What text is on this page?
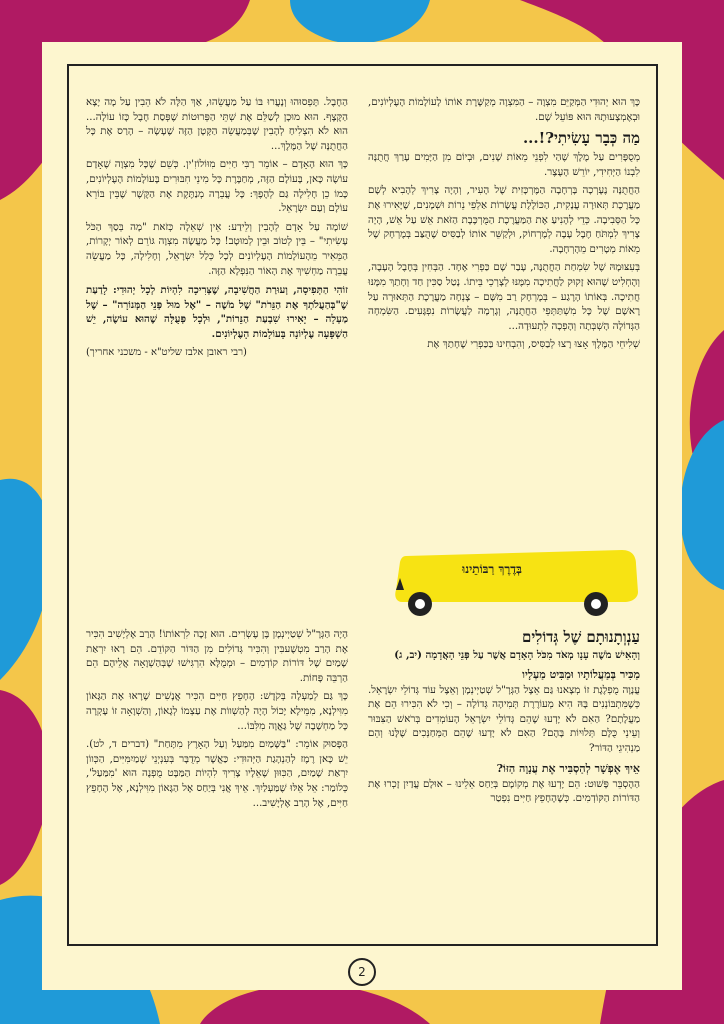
כָּךְ הוּא יְהוּדִי הַמְּקַיֵּם מִצְוָה – הַמִּצְוָה מְקַשֶּׁרֶת אוֹתוֹ לָעוֹלָמוֹת הָעֶלְיוֹנִים, וּבְאֶמְצָעוּתָהּ הוּא פּוֹעֵל שָׁם.

מַה כְּבָר עָשִׂיתִי?!...

מְסֻפָּרִים עַל מֶלֶךְ שֶׁהַי לִפְנֵי מֵאוֹת שָׁנִים, וּבְיוֹם מִן הַיָּמִים עָרַךְ חֲתֻנָּה לִבְנוֹ הַיְּחִידִי, יוֹרֵשׁ הָעֶצֶר.

הַחֲתֻנָּה נֶעֶרְכָה בָּרְחָבָה הַמֶּרְכָּזִית שֶׁל הָעִיר, וְהָיָה צָרִיךְ לְהָבִיא לְשָׁם מַעֲרֶכֶת תְּאוּרָה עֲנָקִית, הַכּוֹלֶלֶת עֲשָׂרוֹת אַלְפֵי נֵרוֹת וּשְׁמָנִים, שֶׁיָּאִירוּ אֶת כָּל הַסְּבִיבָה. כְּדֵי לְהָנִיעַ אֶת הַמַּעֲרֶכֶת הַמֻּרְכֶּבֶת הַזֹּאת אֵשׁ עַל אֵשׁ, הָיָה צָרִיךְ לִמְתֹּחַ חֶבֶל עָבֶה לְמֶרְחוֹק, וּלְקַשֵּׁר אוֹתוֹ לְבַסִּיס שֶׁהֻצַּב בְּמֶרְחָק שֶׁל מֵאוֹת מְטָרִים מֵהָרְחָבָה.

בְּעִצּוּמָהּ שֶׁל שִׂמְחַת הַחֲתֻנָּה, עָבַר שָׁם כַּפְרִי אֶחָד. הַבְּחִין בְּחֶבֶל הָעָבֶה, וְהֶחְלִיט שֶׁהוּא זָקוּק לַחֲתִיכָה מִמֶּנּוּ לְצָרְכֵי בֵּיתוֹ. נָטַל סַכִּין חַד וְחָתַךְ מִמֶּנּוּ חֲתִיכָה. בְּאוֹתוֹ הָרֶגַע – בְּמֶרְחָק רַב מִשָּׁם – צָנְחָה מַעֲרֶכֶת הַתְּאוּרָה עַל רָאשָׁם שֶׁל כָּל מִשְׁתַּתְּפֵי הַחֲתֻנָּה, וְגָרְמָה לַעֲשָׂרוֹת נִפְגָּעִים. הַשִּׂמְחָה הַגְּדוֹלָה הָשְׁבְּתָה וְהָפְכָה לִתְעוּדָה...

שְׁלִיחֵי הַמֶּלֶךְ אָצוּ רָצוּ לְבַסִּיס, וְהִבְחִינוּ בַּכַּפְרִי שֶׁחָתַךְ אֶת

הַחֶבֶל. תָּפְסוּהוּ וְנָעֲרוּ בּוֹ עַל מַעֲשֵׂהוּ, אַךְ הַלָּה לֹא הֵבִין עַל מָה יָצָא הַקֶּצֶף. הוּא מוּכָן לְשַׁלֵּם אֶת שְׁתֵּי הַפְּרוּטוֹת שֶׁפְּסַת חֶבֶל כָּזוֹ עוֹלָה... הוּא לֹא הִצְלִיחַ לְהָבִין שֶׁבְּמַעֲשֵׂה הַקָּטָן הַזֶּה שֶׁעָשָׂה – הָרַס אֶת כָּל הַחֲתֻנָּה שֶׁל הַמֶּלֶךְ...

כָּךְ הוּא הָאָדָם – אוֹמֵר רַבִּי חַיִּים מִוּוֹלוֹזִ'ין. כְּשֵׁם שֶׁכָּל מִצְוָה שֶׁאָדָם עוֹשֶׂה כָּאן, בָּעוֹלָם הַזֶּה, מְחַבֶּרֶת כָּל מִינֵי חִבּוּרִים בָּעוֹלָמוֹת הָעֶלְיוֹנִים, כָּמוֹ כֵן חָלִילָה גַּם לְהֶפֶךְ: כָּל עֲבֵרָה מְנַתֶּקֶת אֶת הַקֶּשֶׁר שֶׁבֵּין בּוֹרֵא עוֹלָם וְעַם יִשְׂרָאֵל.

שׁוֹמָה עַל אָדָם לְהָבִין וְלֵידַע: אֵין שְׁאֵלָה כְּזֹאת "מָה בְּסַךְ הַכֹּל עָשִׂיתִי" – בֵּין לְטוֹב וּבֵין לְמוּטָב! כָּל מַעֲשֶׂה מִצְוָה גּוֹרֵם לְאוֹר יְקָרוֹת, הַמֵּאִיר מֵהָעוֹלָמוֹת הָעֶלְיוֹנִים לְכָל כְּלַל יִשְׂרָאֵל, וְחָלִילָה, כָּל מַעֲשֵׂה עֲבֵרָה מַחְשִׁיךְ אֶת הָאוֹר הַנִּפְלָא הַזֶּה.

זוֹהִי הַתְּפִיסָה, וְעוּרַת הַחֲשִׁיבָה, שֶׁצְּרִיכָה לִהְיוֹת לְכָל יְהוּדִי: לָדַעַת שֶׁ"בְּהַעֲלֹתְךָ אֶת הַנֵּרֹת" שֶׁל מֹשֶׁה – "אֶל מוּל פְּנֵי הַמְּנוֹרָה" – שֶׁל מַעְלָה – יָאִירוּ שִׁבְעַת הַנֵּרוֹת", וּלְכָל פְּעֻלָּה שֶׁהוּא עוֹשֶׂה, יֵשׁ הַשְׁפָּעָה עֶלְיוֹנָה בָּעוֹלָמוֹת הָעֶלְיוֹנִים.

(רבי ראובן אלבז שליט"א - משכני אחריך)

בְּדֶרֶךְ רַבּוֹתֵינוּ
עַנְוְתָנוּתָם שֶׁל גְּדוֹלִים

וְהָאִישׁ מֹשֶׁה עָנָו מְאֹד מִכֹּל הָאָדָם אֲשֶׁר עַל פְּנֵי הָאֲדָמָה (יב, ג)

מַכִּיר בְּמַעֲלוֹתָיו וּמַבִּיט מַעְלָיו

עֲנָוָה מֻפְלֶגֶת זוֹ מְצָאנוּ גַּם אֵצֶל הַגְּרָ"ל שְׁטַיְינְמָן וְאֵצֶל עוֹד גְּדוֹלֵי יִשְׂרָאֵל. כְּשֶׁמִּתְבּוֹנְנִים בָּהּ הִיא מְעוֹרֶרֶת תְּמִיהָה גְּדוֹלָה – וְכִי לֹא הִכִּירוּ הֵם אֶת מַעֲלָתָם? הַאִם לֹא יָדְעוּ שֶׁהֵם גְּדוֹלֵי יִשְׂרָאֵל הָעוֹמְדִים בְּרֹאשׁ הַצִּבּוּר וְעֵינֵי כֻּלָּם תְּלוּיוֹת בָּהֶם? הַאִם לֹא יָדְעוּ שֶׁהֵם הַמְּחַנְּכִים שֶׁלָּנוּ וְהֵם מַנְהִיגֵי הַדּוֹר?

אֵיךְ אֶפְשָׁר לְהַסְבִּיר אֶת עֲנָוָה הַזּוֹ?

הַהֶסְבֵּר פָּשׁוּט: הֵם יָדְעוּ אֶת מְקוֹמָם בְּיַחַס אֵלֵינוּ – אוּלָם עֲדַיִן זָכְרוּ אֶת הַדּוֹרוֹת הַקּוֹדְמִים. כְּשֶׁהֶחָפֵץ חַיִּים נִפְטַר

הָיָה הַגְּרָ"ל שְׁטַיְינְמָן בֶּן עֶשְׂרִים. הוּא זָכָה לִרְאוֹתוֹ! הָרַב אֶלְיָשִׁיב הִכִּיר אֶת הָרַב מִטְשֶׁעבִּין וְהִכִּיר גְּדוֹלִים מִן הַדּוֹר הַקּוֹדֵם. הֵם רָאוּ יִרְאַת שָׁמַיִם שֶׁל דּוֹרוֹת קוֹדְמִים – וּמְמֻלָּא הִרְגִּישׁוּ שֶׁבְּהַשְׁוָאָה אֲלֵיהֶם הֵם הַרְבֵּה פָּחוֹת.

כָּךְ גַּם לְמַעְלָה בְּקֹדֶשׁ: הֶחָפֵץ חַיִּים הִכִּיר אֲנָשִׁים שֶׁרָאוּ אֶת הַגָּאוֹן מִוִּילְנָא, מִמֵּילָא יָכוֹל הָיָה לְהַשְׁווֹת אֶת עַצְמוֹ לְגָאוֹן, וְהַשְׁוָאָה זוֹ עָקְרָה כָּל מַחְשָׁבָה שֶׁל גַּאֲוָה מִלִּבּוֹ...

הַפָּסוּק אוֹמֵר: "בַּשָּׁמַיִם מִמַּעַל וְעַל הָאָרֶץ מִתָּחַת" (דברים ד, לט). יֵשׁ כָּאן רֶמֶז לְהַנְהָגַת הַיְּהוּדִי: כַּאֲשֶׁר מְדֻבָּר בְּעִנְיְנֵי שְׁמַיִמִּיִּים, הַכְּווֹן יִרְאַת שָׁמַיִם, הַכִּוּוּן שֶׁאֵלָיו צָרִיךְ לִהְיוֹת הַמַּבָּט מֻפְנֶה הוּא 'מִמַּעַל', כְּלוֹמַר: אֵל אֵלּוּ שֶׁמַּעְלַיִךְ. אֵיךְ אֲנִי בְּיַחַס אֶל הַגָּאוֹן מִוִּילְנָא, אֶל הֶחָפֵץ חַיִּים, אֶל הָרַב אֶלְיָשִׁיב...

2
